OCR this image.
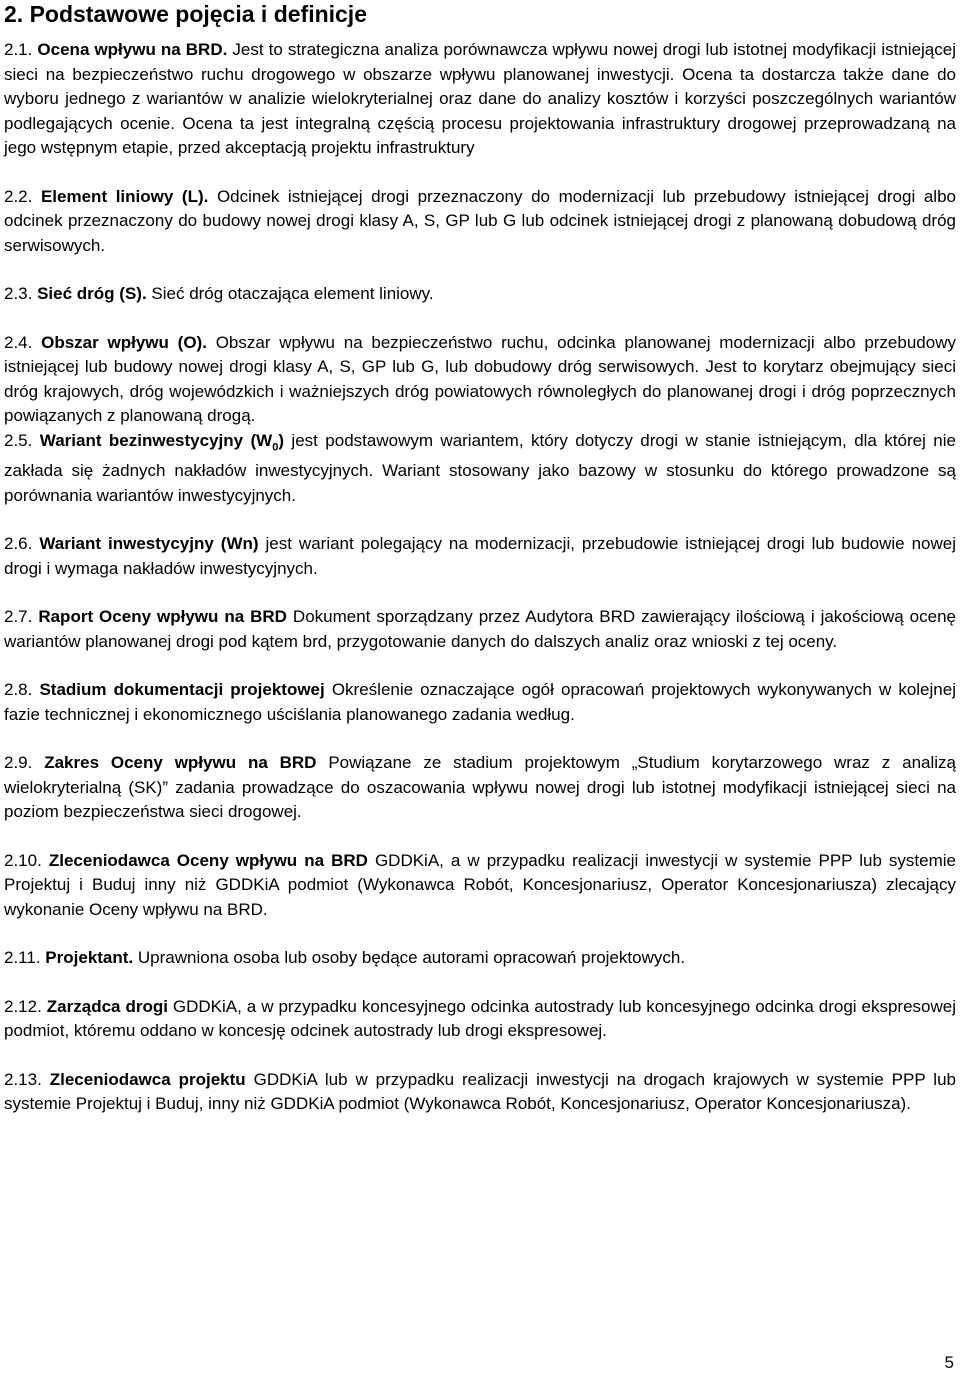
2. Podstawowe pojęcia i definicje

2.1. Ocena wpływu na BRD. Jest to strategiczna analiza porównawcza wpływu nowej drogi lub istotnej modyfikacji istniejącej sieci na bezpieczeństwo ruchu drogowego w obszarze wpływu planowanej inwestycji. Ocena ta dostarcza także dane do wyboru jednego z wariantów w analizie wielokryterialnej oraz dane do analizy kosztów i korzyści poszczególnych wariantów podlegających ocenie. Ocena ta jest integralną częścią procesu projektowania infrastruktury drogowej przeprowadzaną na jego wstępnym etapie, przed akceptacją projektu infrastruktury

2.2. Element liniowy (L). Odcinek istniejącej drogi przeznaczony do modernizacji lub przebudowy istniejącej drogi albo odcinek przeznaczony do budowy nowej drogi klasy A, S, GP lub G lub odcinek istniejącej drogi z planowaną dobudową dróg serwisowych.

2.3. Sieć dróg (S). Sieć dróg otaczająca element liniowy.

2.4. Obszar wpływu (O). Obszar wpływu na bezpieczeństwo ruchu, odcinka planowanej modernizacji albo przebudowy istniejącej lub budowy nowej drogi klasy A, S, GP lub G, lub dobudowy dróg serwisowych. Jest to korytarz obejmujący sieci dróg krajowych, dróg wojewódzkich i ważniejszych dróg powiatowych równoległych do planowanej drogi i dróg poprzecznych powiązanych z planowaną drogą.

2.5. Wariant bezinwestycyjny $(W_0)$ jest podstawowym wariantem, który dotyczy drogi w stanie istniejącym, dla której nie zakłada się żadnych nakładów inwestycyjnych. Wariant stosowany jako bazowy w stosunku do którego prowadzone są porównania wariantów inwestycyjnych.

2.6. Wariant inwestycyjny (Wn) jest wariant polegający na modernizacji, przebudowie istniejącej drogi lub budowie nowej drogi i wymaga nakładów inwestycyjnych.

2.7. Raport Oceny wpływu na BRD Dokument sporządzany przez Audytora BRD zawierający ilościową i jakościową ocenę wariantów planowanej drogi pod kątem brd, przygotowanie danych do dalszych analiz oraz wnioski z tej oceny.

2.8. Stadium dokumentacji projektowej Określenie oznaczające ogół opracowań projektowych wykonywanych w kolejnej fazie technicznej i ekonomicznego uściślania planowanego zadania według.

2.9. Zakres Oceny wpływu na BRD Powiązane ze stadium projektowym „Studium korytarzowego wraz z analizą wielokryterialną (SK)” zadania prowadzące do oszacowania wpływu nowej drogi lub istotnej modyfikacji istniejącej sieci na poziom bezpieczeństwa sieci drogowej.

2.10. Zleceniodawca Oceny wpływu na BRD GDDKiA, a w przypadku realizacji inwestycji w systemie PPP lub systemie Projektuj i Buduj inny niż GDDKiA podmiot (Wykonawca Robót, Koncesjonariusz, Operator Koncesjonariusza) zlecający wykonanie Oceny wpływu na BRD.

2.11. Projektant. Uprawniona osoba lub osoby będące autorami opracowań projektowych.

2.12. Zarządca drogi GDDKiA, a w przypadku koncesyjnego odcinka autostrady lub koncesyjnego odcinka drogi ekspresowej podmiot, któremu oddano w koncesję odcinek autostrady lub drogi ekspresowej.

2.13. Zleceniodawca projektu GDDKiA lub w przypadku realizacji inwestycji na drogach krajowych w systemie PPP lub systemie Projektuj i Buduj, inny niż GDDKiA podmiot (Wykonawca Robót, Koncesjonariusz, Operator Koncesjonariusza).

5
